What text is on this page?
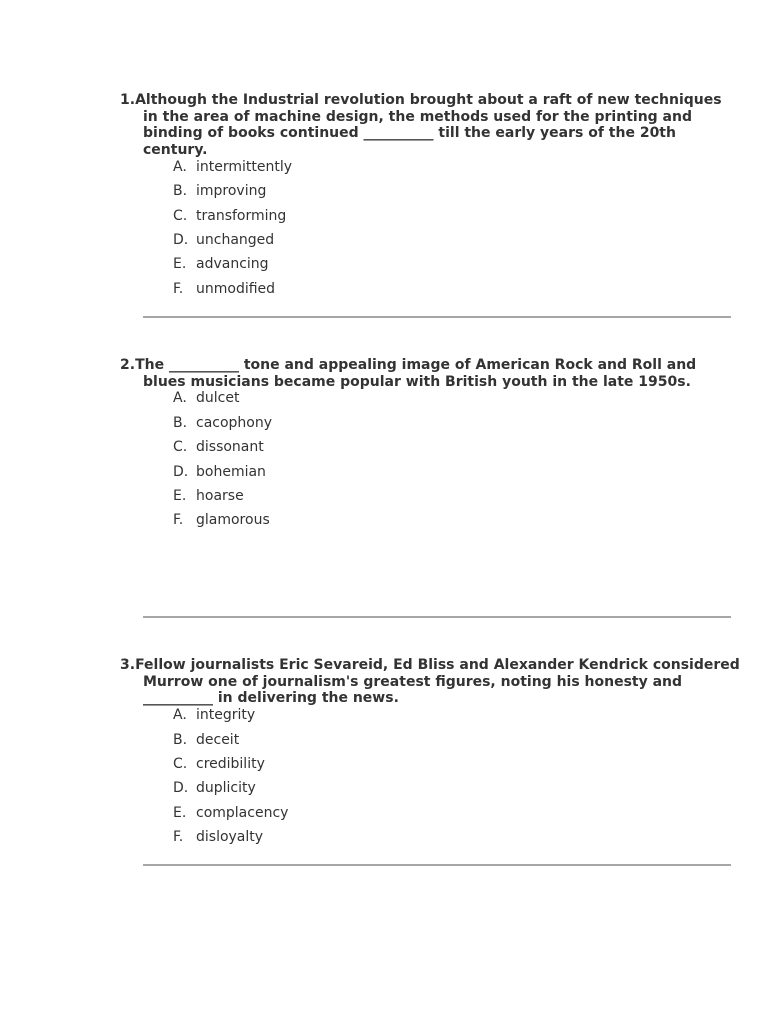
1.Although the Industrial revolution brought about a raft of new techniques in the area of machine design, the methods used for the printing and binding of books continued __________ till the early years of the 20th century.

A. intermittently
B. improving
C. transforming
D. unchanged
E. advancing
F. unmodified

2.The __________ tone and appealing image of American Rock and Roll and blues musicians became popular with British youth in the late 1950s.

A. dulcet
B. cacophony
C. dissonant
D. bohemian
E. hoarse
F. glamorous

3.Fellow journalists Eric Sevareid, Ed Bliss and Alexander Kendrick considered Murrow one of journalism's greatest figures, noting his honesty and __________ in delivering the news.

A. integrity
B. deceit
C. credibility
D. duplicity
E. complacency
F. disloyalty
